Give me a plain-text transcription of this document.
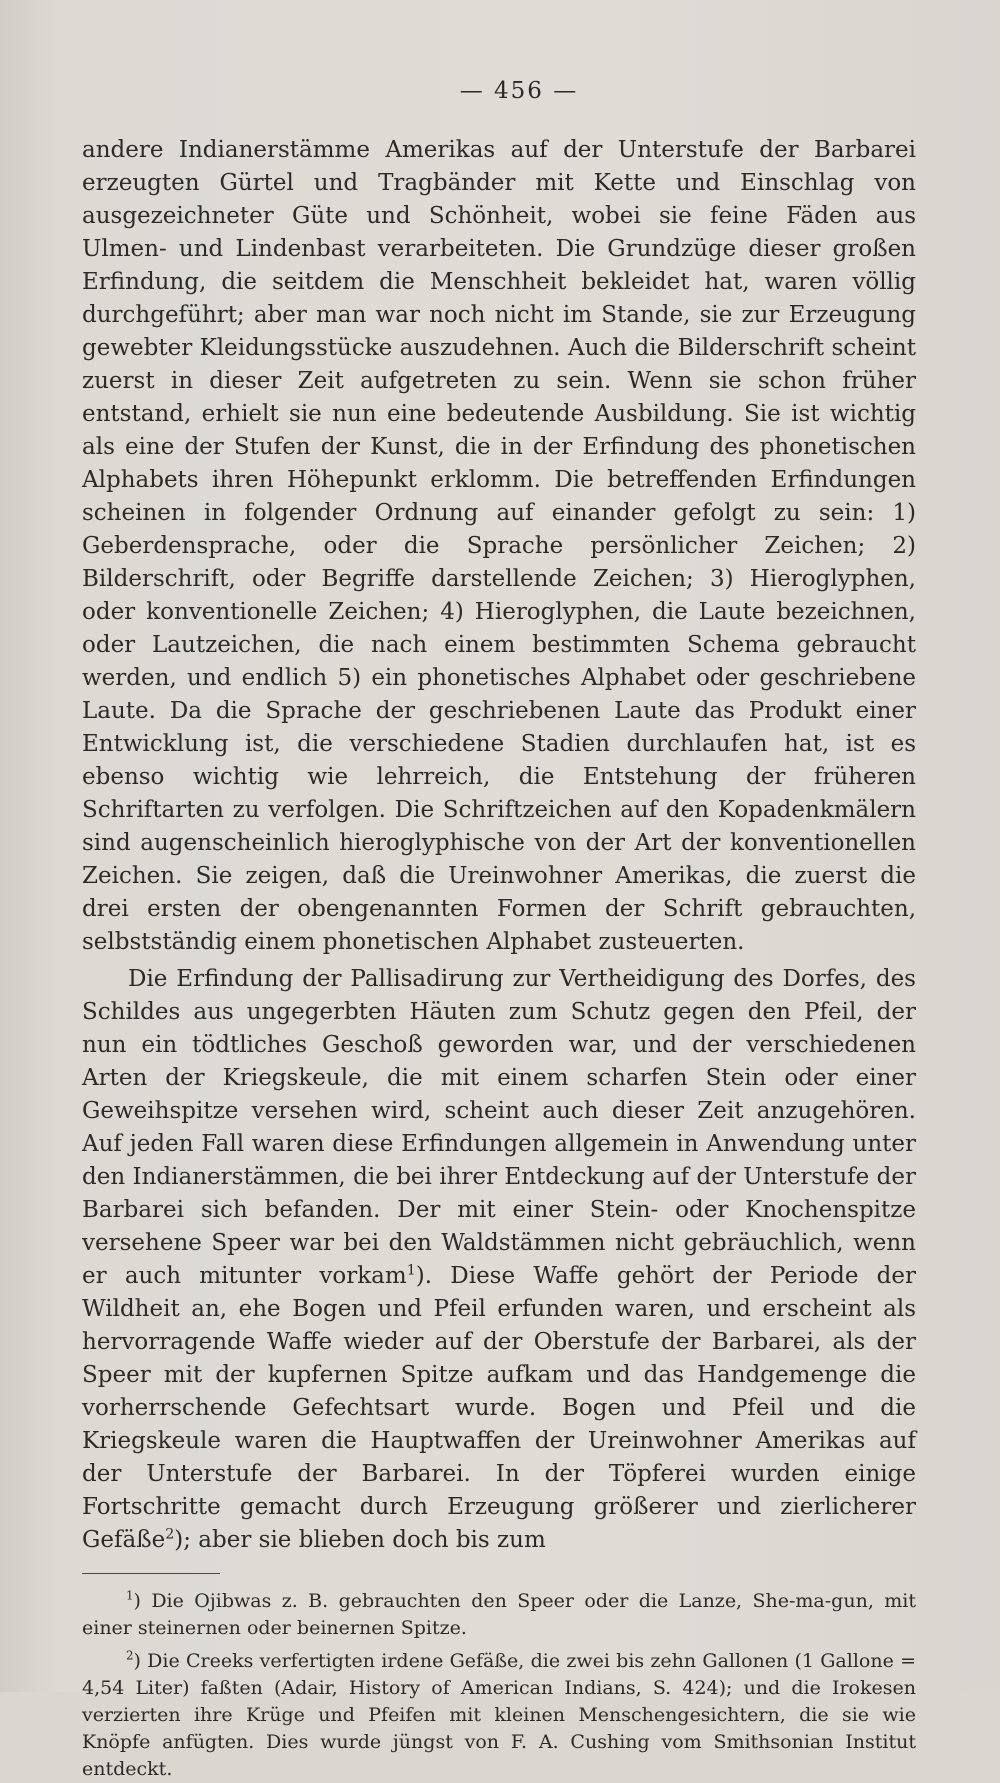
— 456 —

andere Indianerstämme Amerikas auf der Unterstufe der Barbarei erzeugten Gürtel und Tragbänder mit Kette und Einschlag von ausgezeichneter Güte und Schönheit, wobei sie feine Fäden aus Ulmen- und Lindenbast verarbeiteten. Die Grundzüge dieser großen Erfindung, die seitdem die Menschheit bekleidet hat, waren völlig durchgeführt; aber man war noch nicht im Stande, sie zur Erzeugung gewebter Kleidungsstücke auszudehnen. Auch die Bilderschrift scheint zuerst in dieser Zeit aufgetreten zu sein. Wenn sie schon früher entstand, erhielt sie nun eine bedeutende Ausbildung. Sie ist wichtig als eine der Stufen der Kunst, die in der Erfindung des phonetischen Alphabets ihren Höhepunkt erklomm. Die betreffenden Erfindungen scheinen in folgender Ordnung auf einander gefolgt zu sein: 1) Geberdensprache, oder die Sprache persönlicher Zeichen; 2) Bilderschrift, oder Begriffe darstellende Zeichen; 3) Hieroglyphen, oder konventionelle Zeichen; 4) Hieroglyphen, die Laute bezeichnen, oder Lautzeichen, die nach einem bestimmten Schema gebraucht werden, und endlich 5) ein phonetisches Alphabet oder geschriebene Laute. Da die Sprache der geschriebenen Laute das Produkt einer Entwicklung ist, die verschiedene Stadien durchlaufen hat, ist es ebenso wichtig wie lehrreich, die Entstehung der früheren Schriftarten zu verfolgen. Die Schriftzeichen auf den Kopadenkmälern sind augenscheinlich hieroglyphische von der Art der konventionellen Zeichen. Sie zeigen, daß die Ureinwohner Amerikas, die zuerst die drei ersten der obengenannten Formen der Schrift gebrauchten, selbstständig einem phonetischen Alphabet zusteuerten.

Die Erfindung der Pallisadirung zur Vertheidigung des Dorfes, des Schildes aus ungegerbten Häuten zum Schutz gegen den Pfeil, der nun ein tödtliches Geschoß geworden war, und der verschiedenen Arten der Kriegskeule, die mit einem scharfen Stein oder einer Geweihspitze versehen wird, scheint auch dieser Zeit anzugehören. Auf jeden Fall waren diese Erfindungen allgemein in Anwendung unter den Indianerstämmen, die bei ihrer Entdeckung auf der Unterstufe der Barbarei sich befanden. Der mit einer Stein- oder Knochenspitze versehene Speer war bei den Waldstämmen nicht gebräuchlich, wenn er auch mitunter vorkam$^1$). Diese Waffe gehört der Periode der Wildheit an, ehe Bogen und Pfeil erfunden waren, und erscheint als hervorragende Waffe wieder auf der Oberstufe der Barbarei, als der Speer mit der kupfernen Spitze aufkam und das Handgemenge die vorherrschende Gefechtsart wurde. Bogen und Pfeil und die Kriegskeule waren die Hauptwaffen der Ureinwohner Amerikas auf der Unterstufe der Barbarei. In der Töpferei wurden einige Fortschritte gemacht durch Erzeugung größerer und zierlicherer Gefäße$^2$); aber sie blieben doch bis zum

$^1$) Die Ojibwas z. B. gebrauchten den Speer oder die Lanze, She-ma-gun, mit einer steinernen oder beinernen Spitze.

$^2$) Die Creeks verfertigten irdene Gefäße, die zwei bis zehn Gallonen (1 Gallone = 4,54 Liter) faßten (Adair, History of American Indians, S. 424); und die Irokesen verzierten ihre Krüge und Pfeifen mit kleinen Menschengesichtern, die sie wie Knöpfe anfügten. Dies wurde jüngst von F. A. Cushing vom Smithsonian Institut entdeckt.
